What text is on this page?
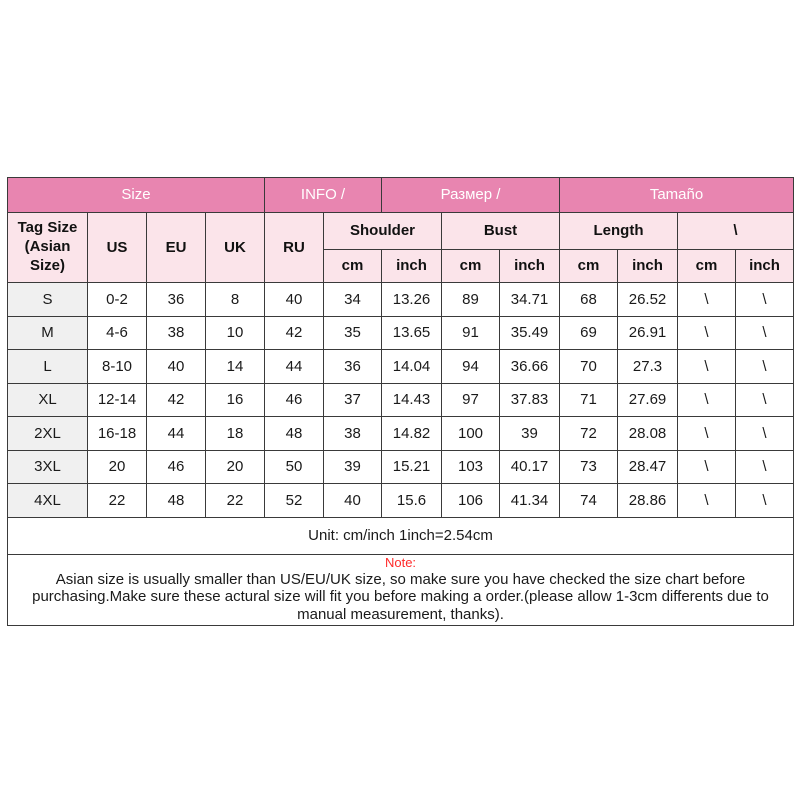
Size				INFO /		Размер /			Tamaño			
Tag Size (Asian Size)	US	EU	UK	RU	Shoulder		Bust		Length		\	
					cm	inch	cm	inch	cm	inch	cm	inch
S	0-2	36	8	40	34	13.26	89	34.71	68	26.52	\	\
M	4-6	38	10	42	35	13.65	91	35.49	69	26.91	\	\
L	8-10	40	14	44	36	14.04	94	36.66	70	27.3	\	\
XL	12-14	42	16	46	37	14.43	97	37.83	71	27.69	\	\
2XL	16-18	44	18	48	38	14.82	100	39	72	28.08	\	\
3XL	20	46	20	50	39	15.21	103	40.17	73	28.47	\	\
4XL	22	48	22	52	40	15.6	106	41.34	74	28.86	\	\
Unit: cm/inch 1inch=2.54cm												

Note:
Asian size is usually smaller than US/EU/UK size, so make sure you have checked the size chart before purchasing.Make sure these actural size will fit you before making a order.(please allow 1-3cm differents due to manual measurement, thanks).												
